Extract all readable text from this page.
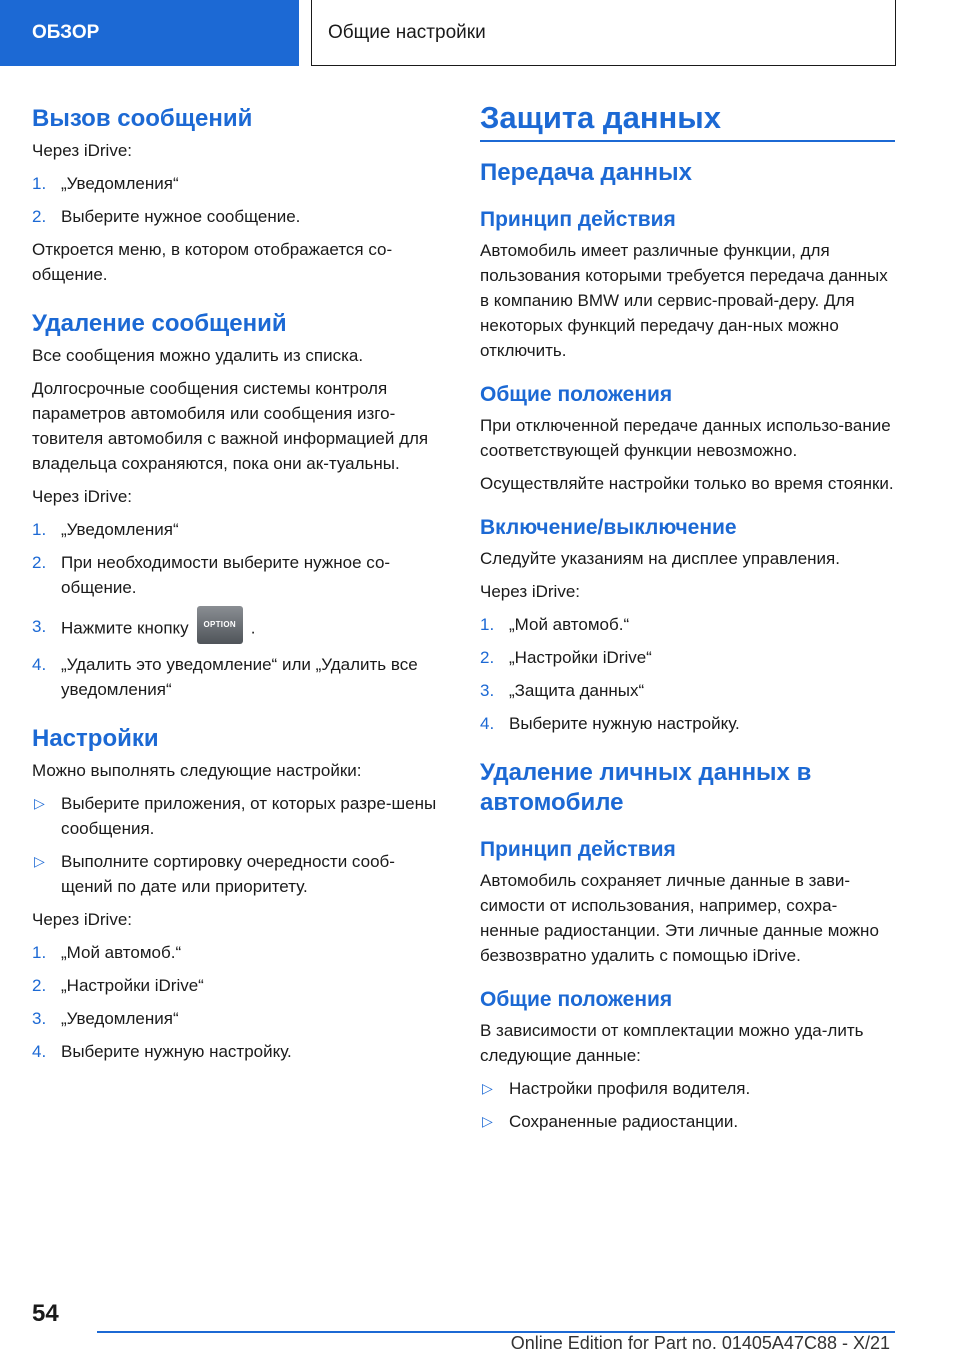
ОБЗОР	Общие настройки
Вызов сообщений

Через iDrive:

1. „Уведомления“
2. Выберите нужное сообщение.

Откроется меню, в котором отображается со-общение.

Удаление сообщений

Все сообщения можно удалить из списка.

Долгосрочные сообщения системы контроля параметров автомобиля или сообщения изго-товителя автомобиля с важной информацией для владельца сохраняются, пока они ак-туальны.

Через iDrive:

1. „Уведомления“
2. При необходимости выберите нужное со-общение.
3. Нажмите кнопку OPTION .
4. „Удалить это уведомление“ или „Удалить все уведомления“
Настройки

Можно выполнять следующие настройки:

▷ Выберите приложения, от которых разре-шены сообщения.
▷ Выполните сортировку очередности сооб-щений по дате или приоритету.

Через iDrive:

1. „Мой автомоб.“
2. „Настройки iDrive“
3. „Уведомления“
4. Выберите нужную настройку.
Защита данных
Передача данных
Принцип действия

Автомобиль имеет различные функции, для пользования которыми требуется передача данных в компанию BMW или сервис-провай-деру. Для некоторых функций передачу дан-ных можно отключить.

Общие положения

При отключенной передаче данных использо-вание соответствующей функции невозможно.

Осуществляйте настройки только во время стоянки.

Включение/выключение

Следуйте указаниям на дисплее управления.

Через iDrive:

1. „Мой автомоб.“
2. „Настройки iDrive“
3. „Защита данных“
4. Выберите нужную настройку.
Удаление личных данных в автомобиле
Принцип действия

Автомобиль сохраняет личные данные в зави-симости от использования, например, сохра-ненные радиостанции. Эти личные данные можно безвозвратно удалить с помощью iDrive.

Общие положения

В зависимости от комплектации можно уда-лить следующие данные:

▷ Настройки профиля водителя.
▷ Сохраненные радиостанции.
54
Online Edition for Part no. 01405A47C88 - X/21
